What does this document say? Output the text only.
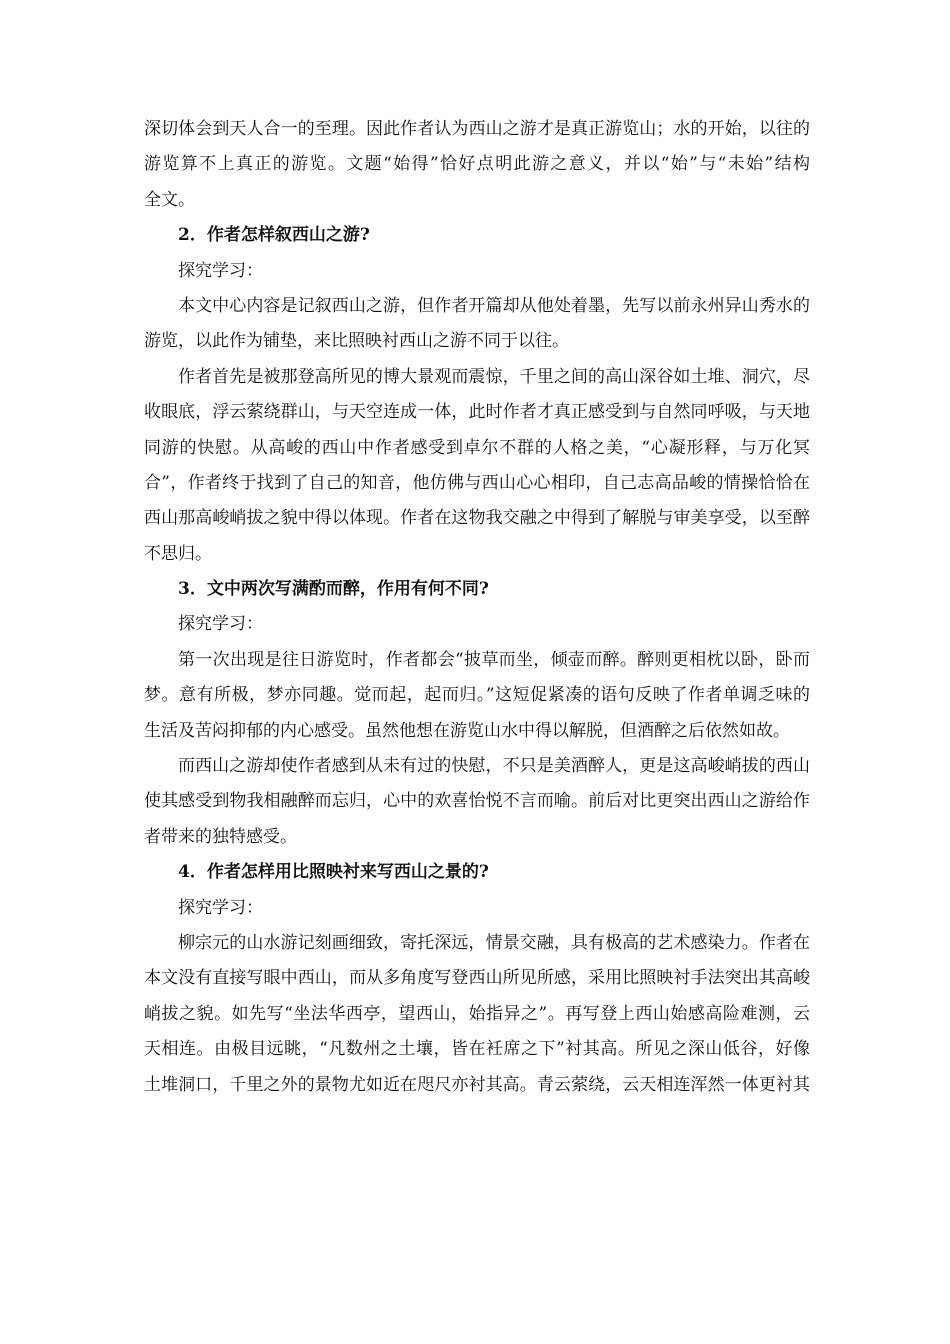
深切体会到天人合一的至理。因此作者认为西山之游才是真正游览山；水的开始，以往的
游览算不上真正的游览。文题“始得”恰好点明此游之意义，并以“始”与“未始”结构
全文。
2．作者怎样叙西山之游?
探究学习：
本文中心内容是记叙西山之游，但作者开篇却从他处着墨，先写以前永州异山秀水的
游览，以此作为铺垫，来比照映衬西山之游不同于以往。
作者首先是被那登高所见的博大景观而震惊，千里之间的高山深谷如土堆、洞穴，尽
收眼底，浮云萦绕群山，与天空连成一体，此时作者才真正感受到与自然同呼吸，与天地
同游的快慰。从高峻的西山中作者感受到卓尔不群的人格之美，“心凝形释，与万化冥
合”，作者终于找到了自己的知音，他仿佛与西山心心相印，自己志高品峻的情操恰恰在
西山那高峻峭拔之貌中得以体现。作者在这物我交融之中得到了解脱与审美享受，以至醉
不思归。
3．文中两次写满酌而醉，作用有何不同?
探究学习：
第一次出现是往日游览时，作者都会“披草而坐，倾壶而醉。醉则更相枕以卧，卧而
梦。意有所极，梦亦同趣。觉而起，起而归。”这短促紧凑的语句反映了作者单调乏味的
生活及苦闷抑郁的内心感受。虽然他想在游览山水中得以解脱，但酒醉之后依然如故。
而西山之游却使作者感到从未有过的快慰，不只是美酒醉人，更是这高峻峭拔的西山
使其感受到物我相融醉而忘归，心中的欢喜怡悦不言而喻。前后对比更突出西山之游给作
者带来的独特感受。
4．作者怎样用比照映衬来写西山之景的?
探究学习：
柳宗元的山水游记刻画细致，寄托深远，情景交融，具有极高的艺术感染力。作者在
本文没有直接写眼中西山，而从多角度写登西山所见所感，采用比照映衬手法突出其高峻
峭拔之貌。如先写“坐法华西亭，望西山，始指异之”。再写登上西山始感高险难测，云
天相连。由极目远眺，“凡数州之土壤，皆在衽席之下”衬其高。所见之深山低谷，好像
土堆洞口，千里之外的景物尤如近在咫尺亦衬其高。青云萦绕，云天相连浑然一体更衬其
